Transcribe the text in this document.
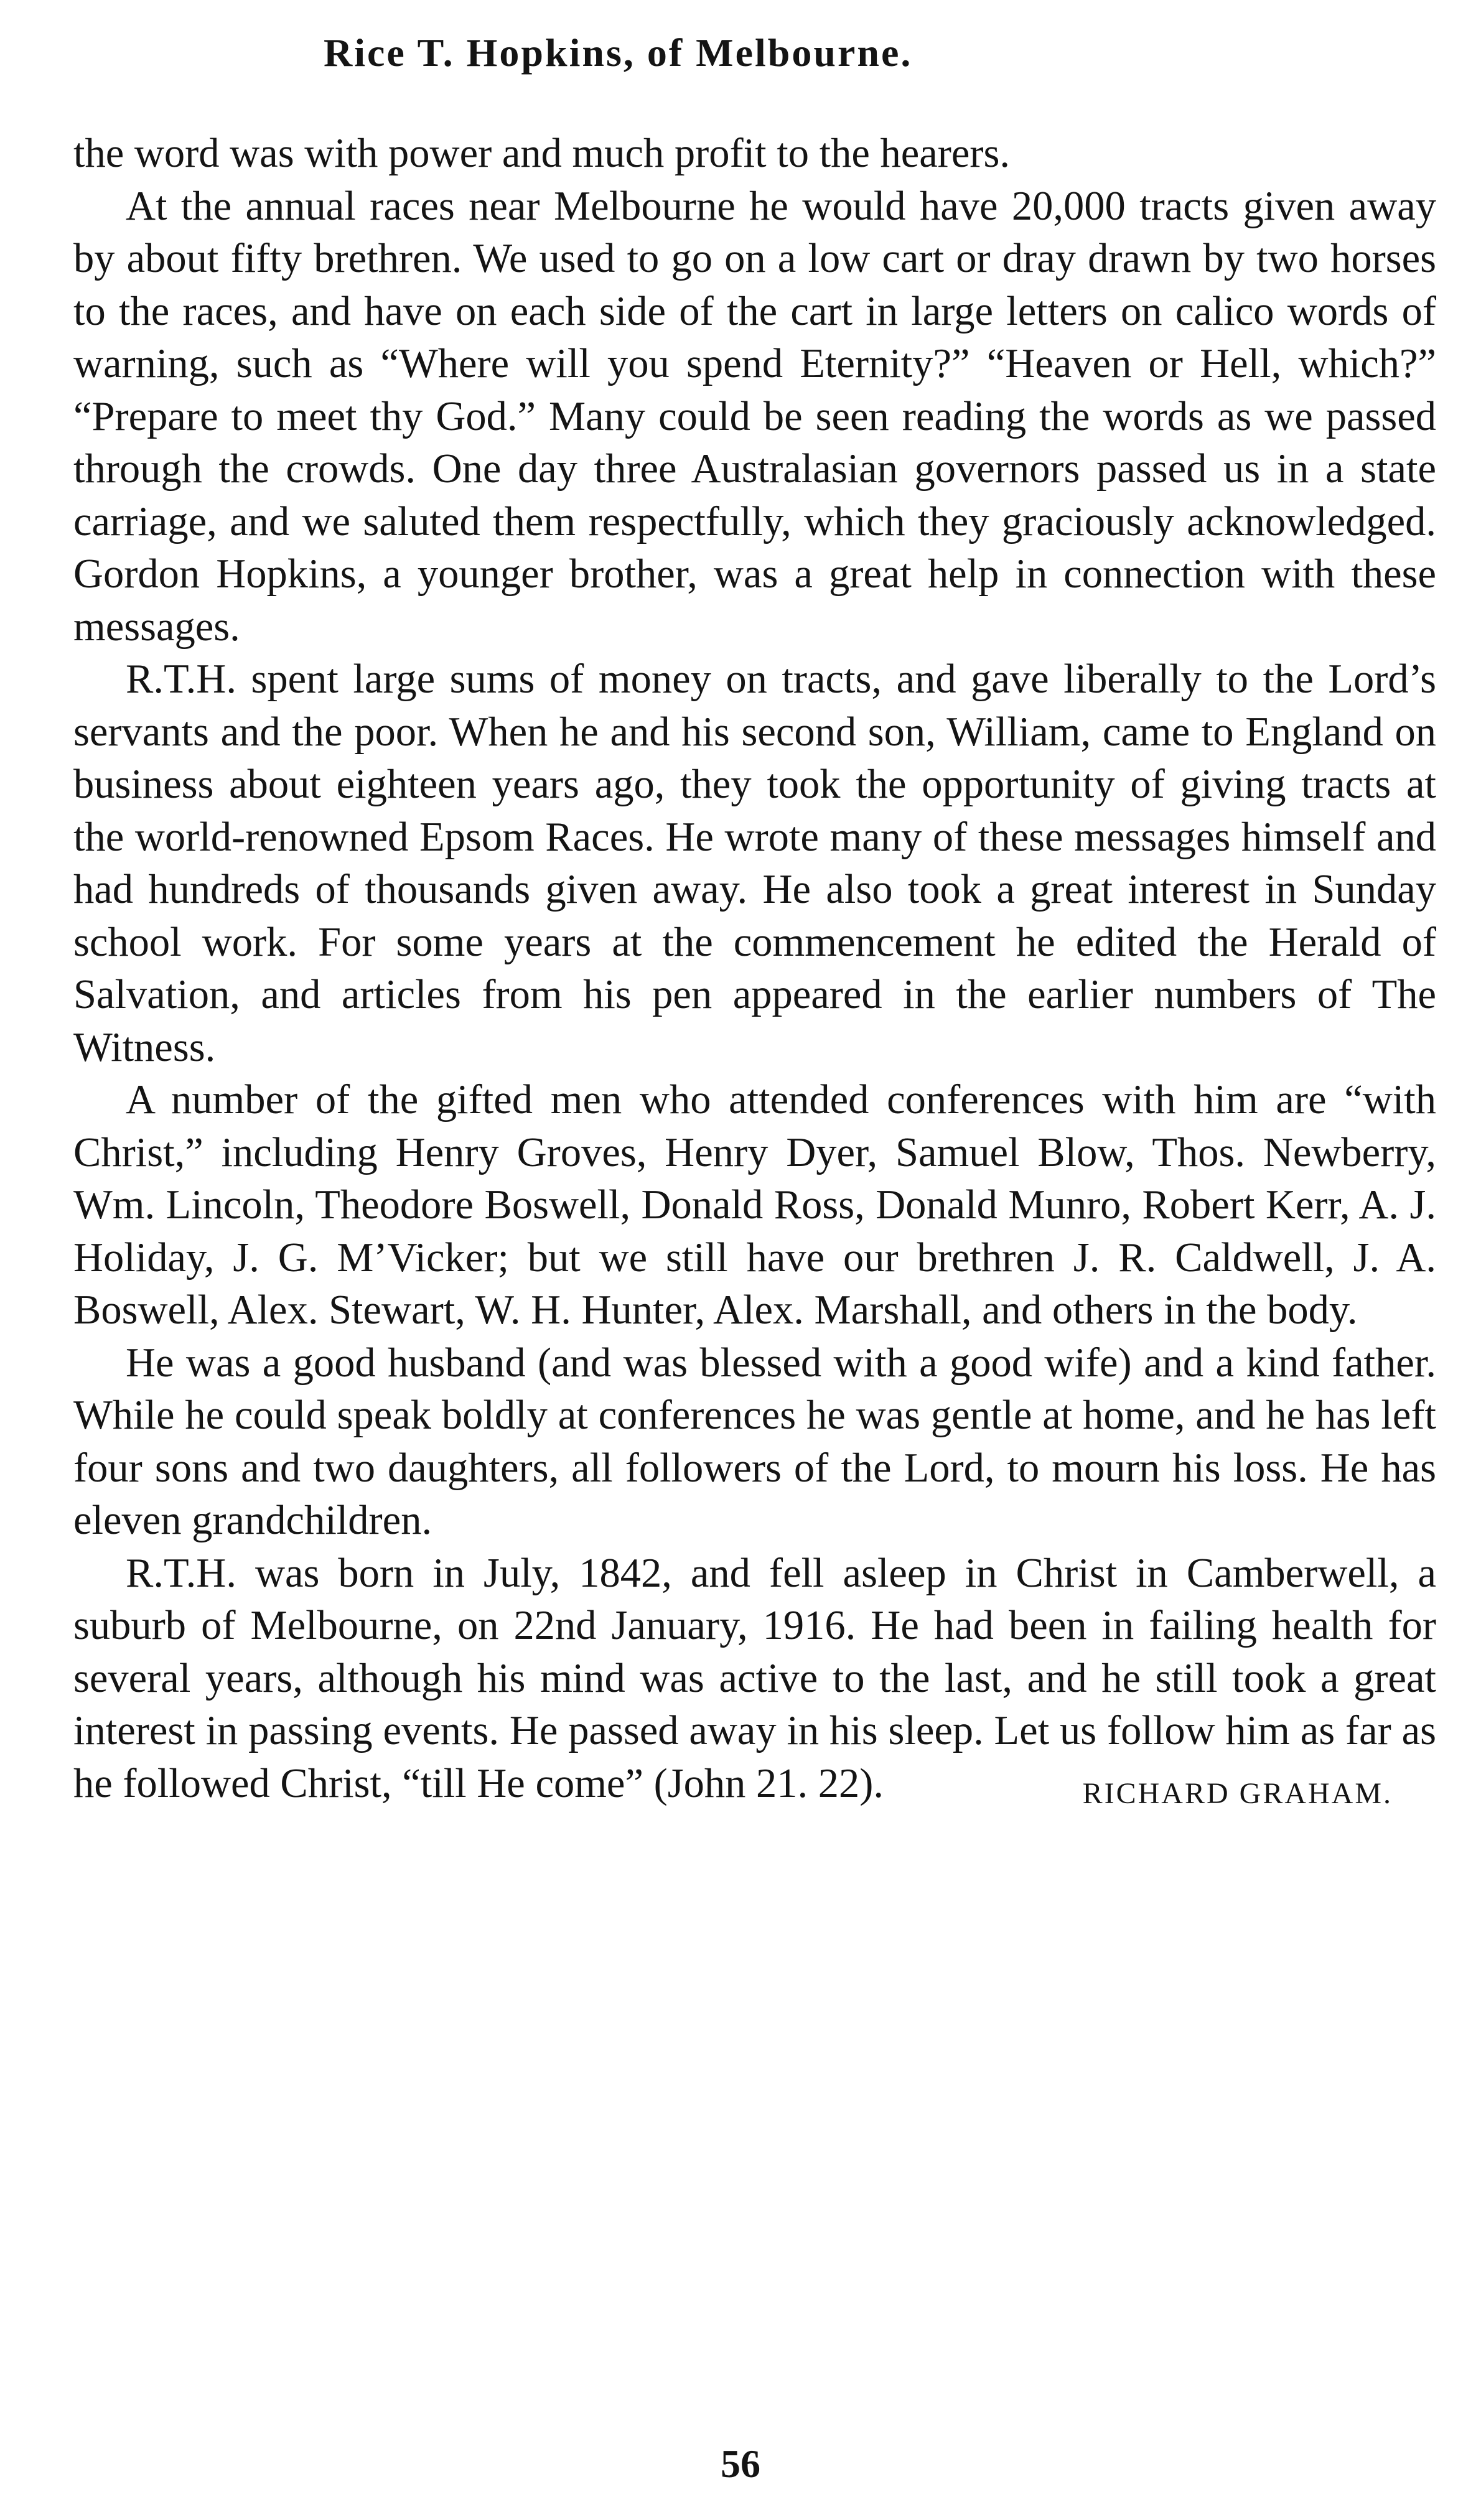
Rice T. Hopkins, of Melbourne.

the word was with power and much profit to the hearers.

At the annual races near Melbourne he would have 20,000 tracts given away by about fifty brethren. We used to go on a low cart or dray drawn by two horses to the races, and have on each side of the cart in large letters on calico words of warning, such as “Where will you spend Eternity?” “Heaven or Hell, which?” “Prepare to meet thy God.” Many could be seen reading the words as we passed through the crowds. One day three Australasian governors passed us in a state carriage, and we saluted them respectfully, which they graciously acknowledged. Gordon Hopkins, a younger brother, was a great help in connection with these messages.

R.T.H. spent large sums of money on tracts, and gave liberally to the Lord’s servants and the poor. When he and his second son, William, came to England on business about eighteen years ago, they took the opportunity of giving tracts at the world-renowned Epsom Races. He wrote many of these messages himself and had hundreds of thousands given away. He also took a great interest in Sunday school work. For some years at the commencement he edited the Herald of Salvation, and articles from his pen appeared in the earlier numbers of The Witness.

A number of the gifted men who attended conferences with him are “with Christ,” including Henry Groves, Henry Dyer, Samuel Blow, Thos. Newberry, Wm. Lincoln, Theodore Boswell, Donald Ross, Donald Munro, Robert Kerr, A. J. Holiday, J. G. M’Vicker; but we still have our brethren J. R. Caldwell, J. A. Boswell, Alex. Stewart, W. H. Hunter, Alex. Marshall, and others in the body.

He was a good husband (and was blessed with a good wife) and a kind father. While he could speak boldly at conferences he was gentle at home, and he has left four sons and two daughters, all followers of the Lord, to mourn his loss. He has eleven grandchildren.

R.T.H. was born in July, 1842, and fell asleep in Christ in Camberwell, a suburb of Melbourne, on 22nd January, 1916. He had been in failing health for several years, although his mind was active to the last, and he still took a great interest in passing events. He passed away in his sleep. Let us follow him as far as he followed Christ, “till He come” (John 21. 22).	RICHARD GRAHAM.

56
